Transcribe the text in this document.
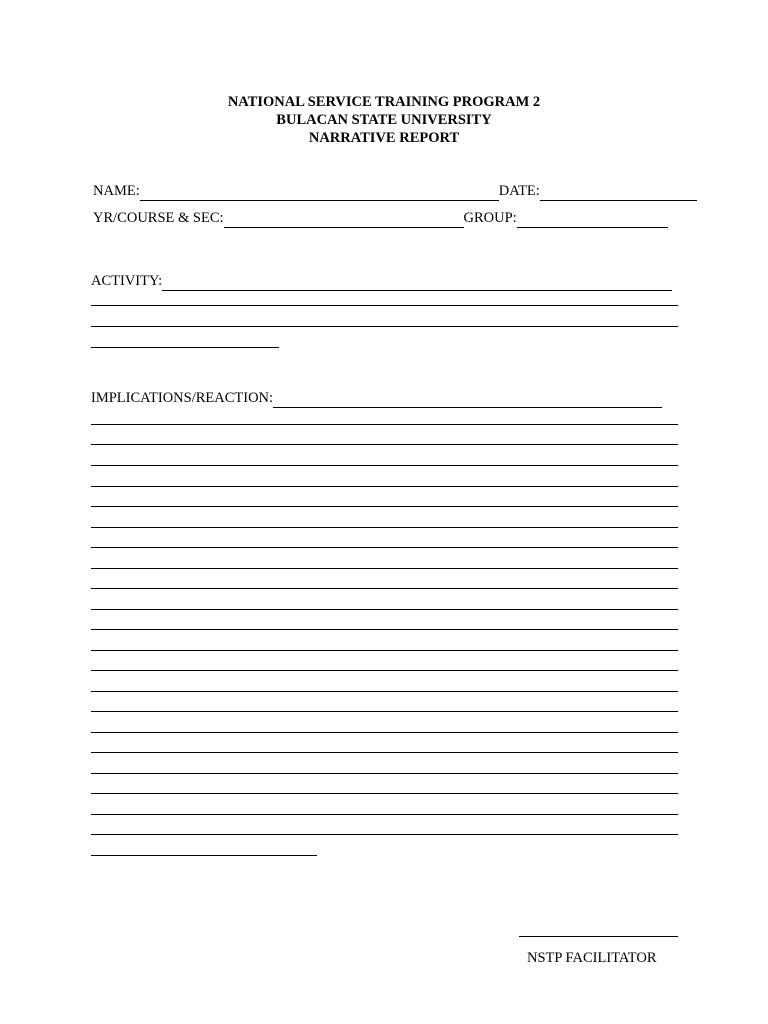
NATIONAL SERVICE TRAINING PROGRAM 2
BULACAN STATE UNIVERSITY
NARRATIVE REPORT
NAME:	DATE:
YR/COURSE & SEC:	GROUP:
ACTIVITY:
IMPLICATIONS/REACTION:
NSTP FACILITATOR
